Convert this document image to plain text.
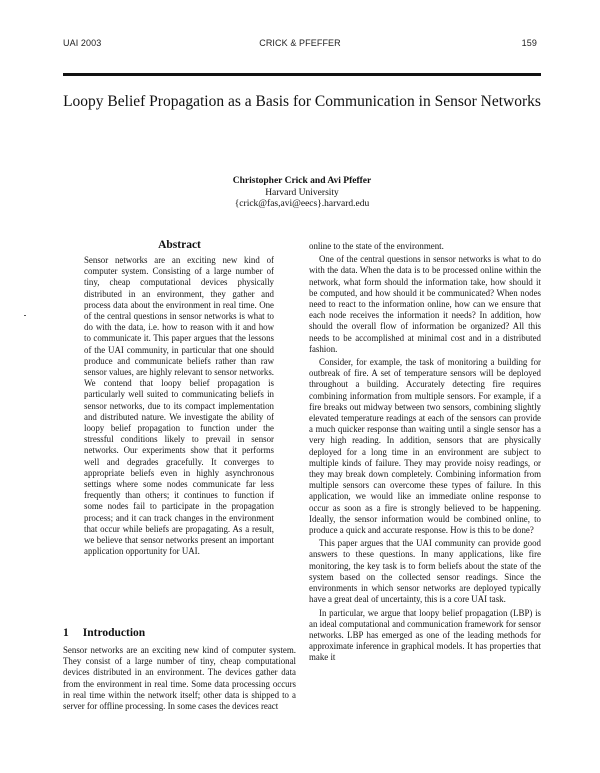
UAI 2003	CRICK & PFEFFER	159
Loopy Belief Propagation as a Basis for Communication in Sensor Networks
Christopher Crick and Avi Pfeffer
Harvard University
{crick@fas,avi@eecs}.harvard.edu
Abstract

Sensor networks are an exciting new kind of computer system. Consisting of a large number of tiny, cheap computational devices physically distributed in an environment, they gather and process data about the environment in real time. One of the central questions in sensor networks is what to do with the data, i.e. how to reason with it and how to communicate it. This paper argues that the lessons of the UAI community, in particular that one should produce and communicate beliefs rather than raw sensor values, are highly relevant to sensor networks. We contend that loopy belief propagation is particularly well suited to communicating beliefs in sensor networks, due to its compact implementation and distributed nature. We investigate the ability of loopy belief propagation to function under the stressful conditions likely to prevail in sensor networks. Our experiments show that it performs well and degrades gracefully. It converges to appropriate beliefs even in highly asynchronous settings where some nodes communicate far less frequently than others; it continues to function if some nodes fail to participate in the propagation process; and it can track changes in the environment that occur while beliefs are propagating. As a result, we believe that sensor networks present an important application opportunity for UAI.

1 Introduction

Sensor networks are an exciting new kind of computer system. They consist of a large number of tiny, cheap computational devices distributed in an environment. The devices gather data from the environment in real time. Some data processing occurs in real time within the network itself; other data is shipped to a server for offline processing. In some cases the devices react

online to the state of the environment.

One of the central questions in sensor networks is what to do with the data. When the data is to be processed online within the network, what form should the information take, how should it be computed, and how should it be communicated? When nodes need to react to the information online, how can we ensure that each node receives the information it needs? In addition, how should the overall flow of information be organized? All this needs to be accomplished at minimal cost and in a distributed fashion.

Consider, for example, the task of monitoring a building for outbreak of fire. A set of temperature sensors will be deployed throughout a building. Accurately detecting fire requires combining information from multiple sensors. For example, if a fire breaks out midway between two sensors, combining slightly elevated temperature readings at each of the sensors can provide a much quicker response than waiting until a single sensor has a very high reading. In addition, sensors that are physically deployed for a long time in an environment are subject to multiple kinds of failure. They may provide noisy readings, or they may break down completely. Combining information from multiple sensors can overcome these types of failure. In this application, we would like an immediate online response to occur as soon as a fire is strongly believed to be happening. Ideally, the sensor information would be combined online, to produce a quick and accurate response. How is this to be done?

This paper argues that the UAI community can provide good answers to these questions. In many applications, like fire monitoring, the key task is to form beliefs about the state of the system based on the collected sensor readings. Since the environments in which sensor networks are deployed typically have a great deal of uncertainty, this is a core UAI task.

In particular, we argue that loopy belief propagation (LBP) is an ideal computational and communication framework for sensor networks. LBP has emerged as one of the leading methods for approximate inference in graphical models. It has properties that make it
